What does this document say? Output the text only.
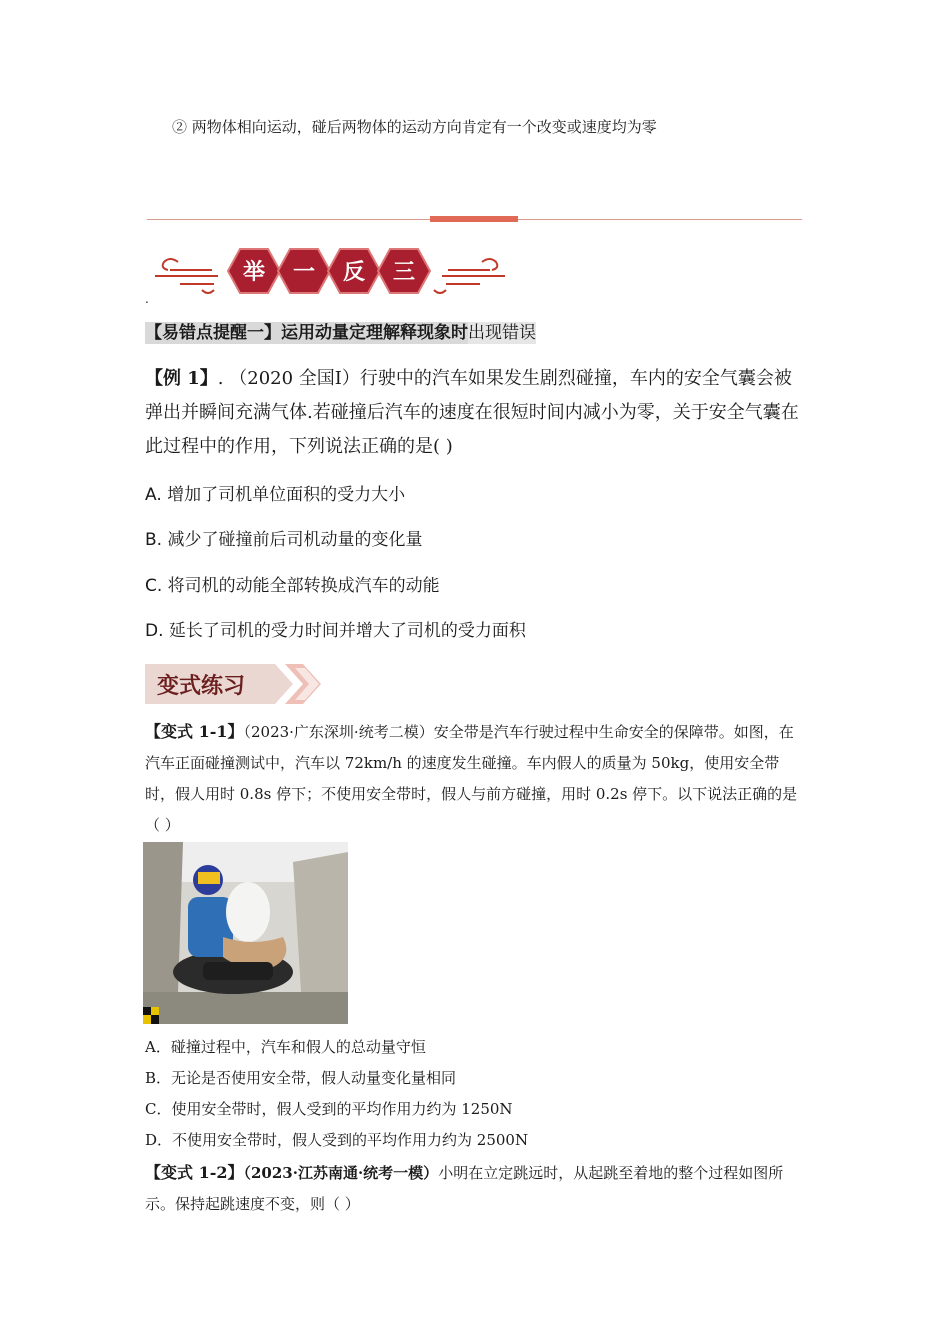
② 两物体相向运动，碰后两物体的运动方向肯定有一个改变或速度均为零
举 一 反 三
.
【易错点提醒一】运用动量定理解释现象时出现错误
【例 1】. （2020 全国Ⅰ）行驶中的汽车如果发生剧烈碰撞，车内的安全气囊会被弹出并瞬间充满气体.若碰撞后汽车的速度在很短时间内减小为零，关于安全气囊在此过程中的作用，下列说法正确的是( )
A. 增加了司机单位面积的受力大小
B. 减少了碰撞前后司机动量的变化量
C. 将司机的动能全部转换成汽车的动能
D. 延长了司机的受力时间并增大了司机的受力面积
变式练习
【变式 1-1】（2023·广东深圳·统考二模）安全带是汽车行驶过程中生命安全的保障带。如图，在汽车正面碰撞测试中，汽车以 72km/h 的速度发生碰撞。车内假人的质量为 50kg，使用安全带时，假人用时 0.8s 停下；不使用安全带时，假人与前方碰撞，用时 0.2s 停下。以下说法正确的是（ ）
A．碰撞过程中，汽车和假人的总动量守恒
B．无论是否使用安全带，假人动量变化量相同
C．使用安全带时，假人受到的平均作用力约为 1250N
D．不使用安全带时，假人受到的平均作用力约为 2500N
【变式 1-2】（2023·江苏南通·统考一模）小明在立定跳远时，从起跳至着地的整个过程如图所示。保持起跳速度不变，则（ ）
